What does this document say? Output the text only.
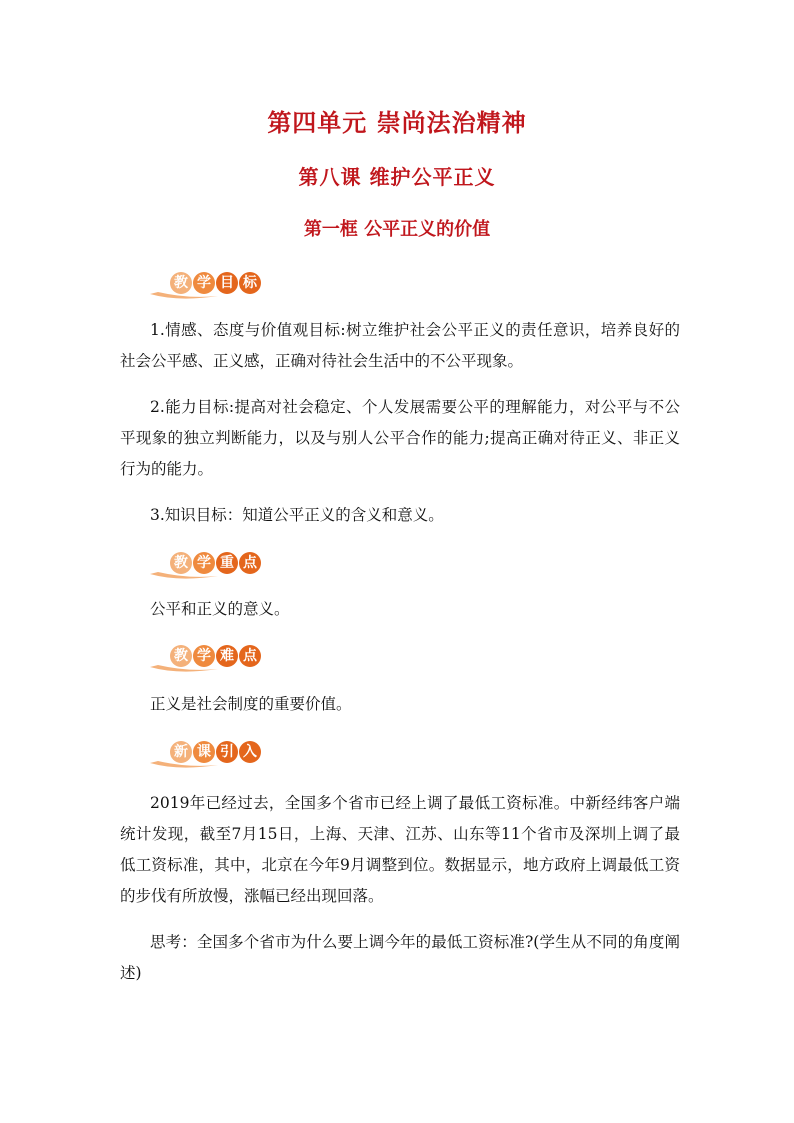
第四单元 崇尚法治精神
第八课 维护公平正义
第一框 公平正义的价值
教 学 目 标
1.情感、态度与价值观目标:树立维护社会公平正义的责任意识，培养良好的社会公平感、正义感，正确对待社会生活中的不公平现象。
2.能力目标:提高对社会稳定、个人发展需要公平的理解能力，对公平与不公平现象的独立判断能力，以及与别人公平合作的能力;提高正确对待正义、非正义行为的能力。
3.知识目标：知道公平正义的含义和意义。
教 学 重 点
公平和正义的意义。
教 学 难 点
正义是社会制度的重要价值。
新 课 引 入
2019年已经过去，全国多个省市已经上调了最低工资标准。中新经纬客户端统计发现，截至7月15日，上海、天津、江苏、山东等11个省市及深圳上调了最低工资标准，其中，北京在今年9月调整到位。数据显示，地方政府上调最低工资的步伐有所放慢，涨幅已经出现回落。
思考：全国多个省市为什么要上调今年的最低工资标准?(学生从不同的角度阐述)
